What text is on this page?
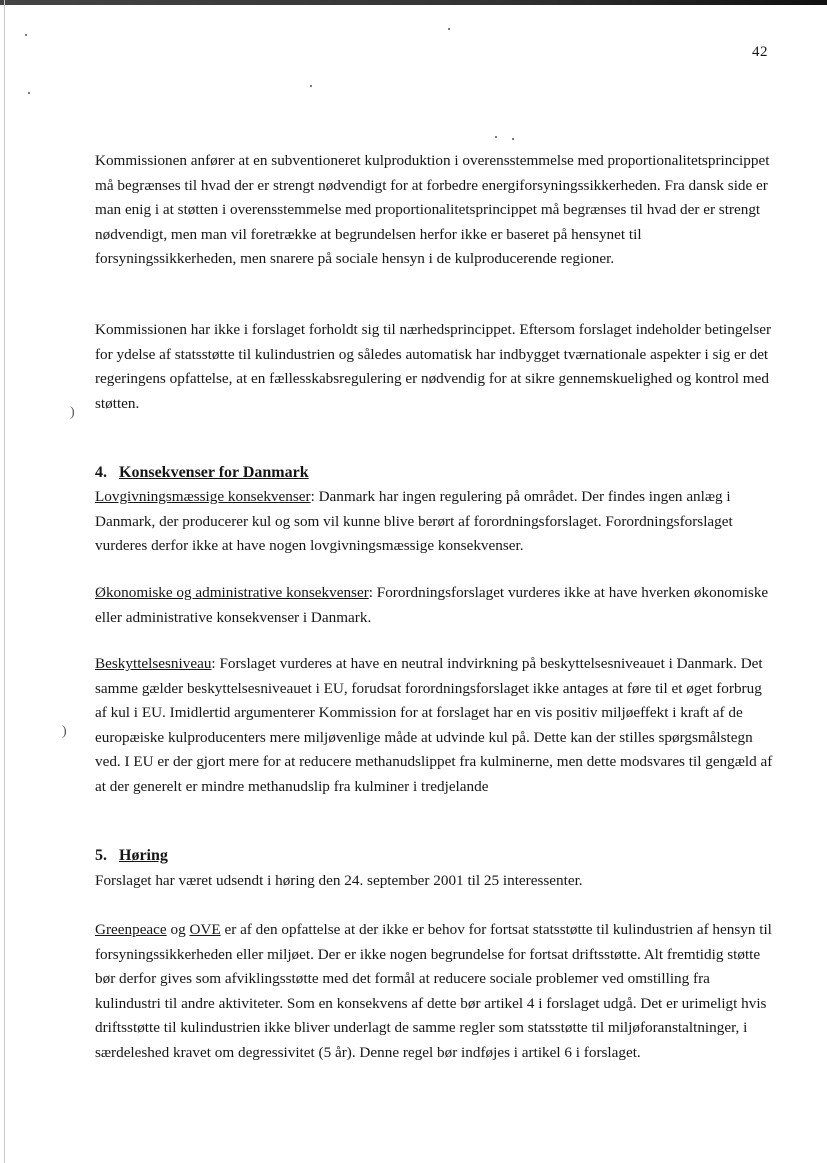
)
)
42

Kommissionen anfører at en subventioneret kulproduktion i overensstemmelse med proportionalitetsprincippet må begrænses til hvad der er strengt nødvendigt for at forbedre energiforsyningssikkerheden. Fra dansk side er man enig i at støtten i overensstemmelse med proportionalitetsprincippet må begrænses til hvad der er strengt nødvendigt, men man vil foretrække at begrundelsen herfor ikke er baseret på hensynet til forsyningssikkerheden, men snarere på sociale hensyn i de kulproducerende regioner.

Kommissionen har ikke i forslaget forholdt sig til nærhedsprincippet. Eftersom forslaget indeholder betingelser for ydelse af statsstøtte til kulindustrien og således automatisk har indbygget tværnationale aspekter i sig er det regeringens opfattelse, at en fællesskabsregulering er nødvendig for at sikre gennemskuelighed og kontrol med støtten.

4. Konsekvenser for Danmark

Lovgivningsmæssige konsekvenser: Danmark har ingen regulering på området. Der findes ingen anlæg i Danmark, der producerer kul og som vil kunne blive berørt af forordningsforslaget. Forordningsforslaget vurderes derfor ikke at have nogen lovgivningsmæssige konsekvenser.

Økonomiske og administrative konsekvenser: Forordningsforslaget vurderes ikke at have hverken økonomiske eller administrative konsekvenser i Danmark.

Beskyttelsesniveau: Forslaget vurderes at have en neutral indvirkning på beskyttelsesniveauet i Danmark. Det samme gælder beskyttelsesniveauet i EU, forudsat forordningsforslaget ikke antages at føre til et øget forbrug af kul i EU. Imidlertid argumenterer Kommission for at forslaget har en vis positiv miljøeffekt i kraft af de europæiske kulproducenters mere miljøvenlige måde at udvinde kul på. Dette kan der stilles spørgsmålstegn ved. I EU er der gjort mere for at reducere methanudslippet fra kulminerne, men dette modsvares til gengæld af at der generelt er mindre methanudslip fra kulminer i tredjelande

5. Høring

Forslaget har været udsendt i høring den 24. september 2001 til 25 interessenter.

Greenpeace og OVE er af den opfattelse at der ikke er behov for fortsat statsstøtte til kulindustrien af hensyn til forsyningssikkerheden eller miljøet. Der er ikke nogen begrundelse for fortsat driftsstøtte. Alt fremtidig støtte bør derfor gives som afviklingsstøtte med det formål at reducere sociale problemer ved omstilling fra kulindustri til andre aktiviteter. Som en konsekvens af dette bør artikel 4 i forslaget udgå. Det er urimeligt hvis driftsstøtte til kulindustrien ikke bliver underlagt de samme regler som statsstøtte til miljøforanstaltninger, i særdeleshed kravet om degressivitet (5 år). Denne regel bør indføjes i artikel 6 i forslaget.
